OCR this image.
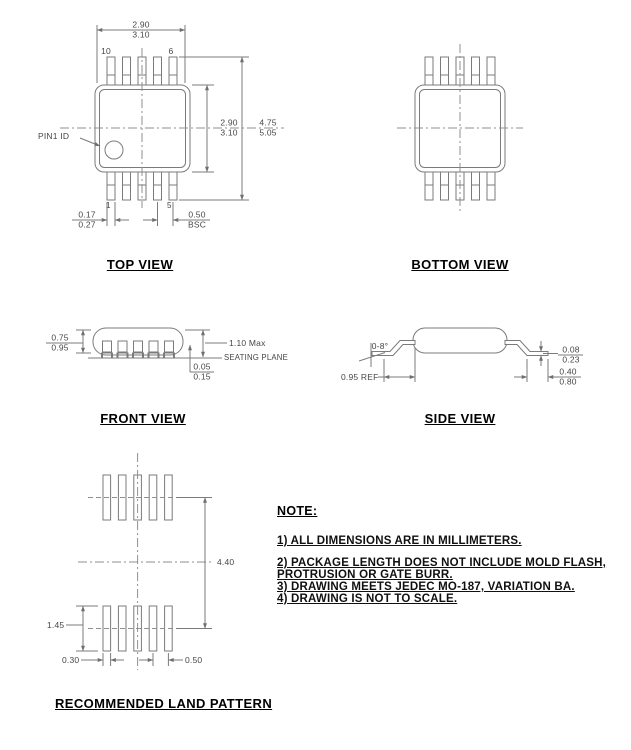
2.90
3.10
10	6
PIN1 ID
2.90
3.10
4.75
5.05
1	5
0.17
0.27
0.50
BSC
TOP VIEW	BOTTOM VIEW
0.75
0.95	1.10 Max
SEATING PLANE
0.05
0.15
FRONT VIEW	SIDE VIEW
0-8°
0.95 REF
0.08
0.23
0.40
0.80
4.40
1.45
0.30	0.50
RECOMMENDED LAND PATTERN
NOTE:
1) ALL DIMENSIONS ARE IN MILLIMETERS.
2) PACKAGE LENGTH DOES NOT INCLUDE MOLD FLASH,
PROTRUSION OR GATE BURR.
3) DRAWING MEETS JEDEC MO-187, VARIATION BA.
4) DRAWING IS NOT TO SCALE.
